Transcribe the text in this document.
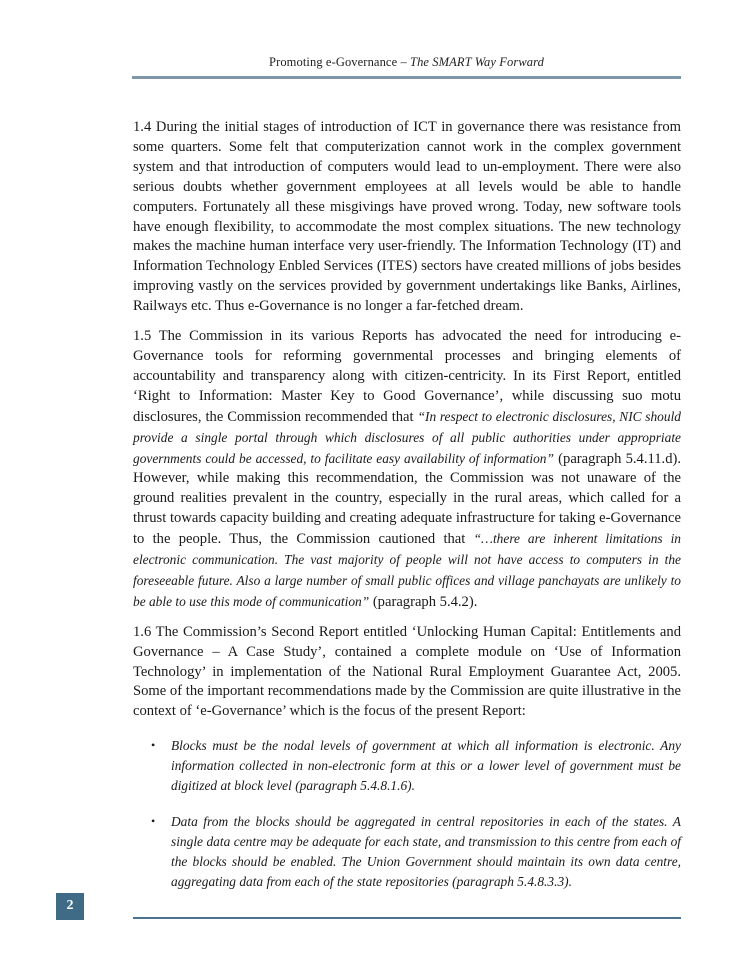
Promoting e-Governance – The SMART Way Forward

1.4 During the initial stages of introduction of ICT in governance there was resistance from some quarters. Some felt that computerization cannot work in the complex government system and that introduction of computers would lead to un-employment. There were also serious doubts whether government employees at all levels would be able to handle computers. Fortunately all these misgivings have proved wrong. Today, new software tools have enough flexibility, to accommodate the most complex situations. The new technology makes the machine human interface very user-friendly. The Information Technology (IT) and Information Technology Enbled Services (ITES) sectors have created millions of jobs besides improving vastly on the services provided by government undertakings like Banks, Airlines, Railways etc. Thus e-Governance is no longer a far-fetched dream.

1.5 The Commission in its various Reports has advocated the need for introducing e-Governance tools for reforming governmental processes and bringing elements of accountability and transparency along with citizen-centricity. In its First Report, entitled ‘Right to Information: Master Key to Good Governance’, while discussing suo motu disclosures, the Commission recommended that “In respect to electronic disclosures, NIC should provide a single portal through which disclosures of all public authorities under appropriate governments could be accessed, to facilitate easy availability of information” (paragraph 5.4.11.d). However, while making this recommendation, the Commission was not unaware of the ground realities prevalent in the country, especially in the rural areas, which called for a thrust towards capacity building and creating adequate infrastructure for taking e-Governance to the people. Thus, the Commission cautioned that “…there are inherent limitations in electronic communication. The vast majority of people will not have access to computers in the foreseeable future. Also a large number of small public offices and village panchayats are unlikely to be able to use this mode of communication” (paragraph 5.4.2).

1.6 The Commission’s Second Report entitled ‘Unlocking Human Capital: Entitlements and Governance – A Case Study’, contained a complete module on ‘Use of Information Technology’ in implementation of the National Rural Employment Guarantee Act, 2005. Some of the important recommendations made by the Commission are quite illustrative in the context of ‘e-Governance’ which is the focus of the present Report:

• Blocks must be the nodal levels of government at which all information is electronic. Any information collected in non-electronic form at this or a lower level of government must be digitized at block level (paragraph 5.4.8.1.6).
• Data from the blocks should be aggregated in central repositories in each of the states. A single data centre may be adequate for each state, and transmission to this centre from each of the blocks should be enabled. The Union Government should maintain its own data centre, aggregating data from each of the state repositories (paragraph 5.4.8.3.3).
2
